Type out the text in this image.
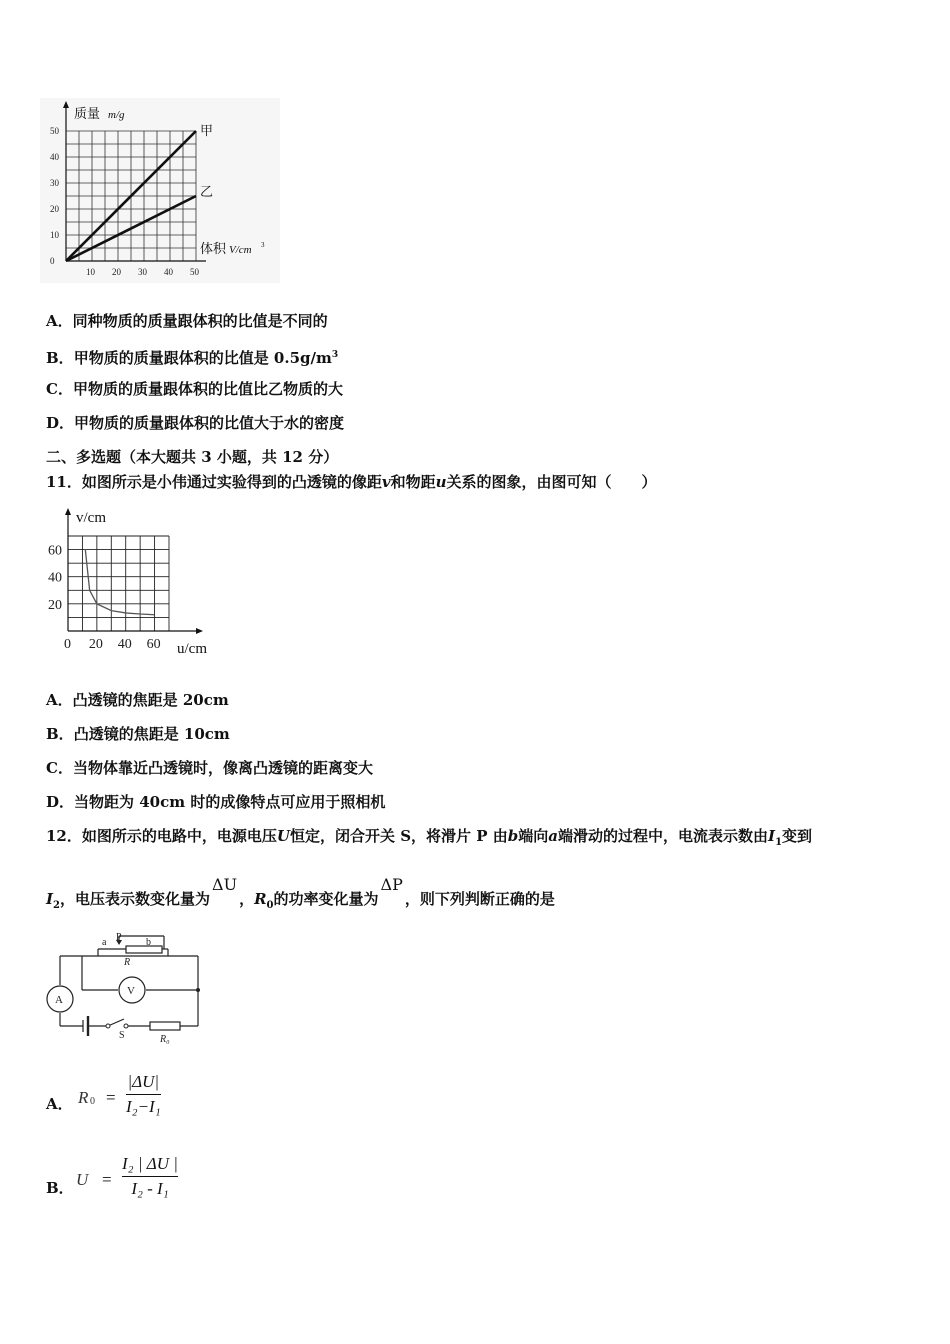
0
10
20
30
40
50
10 20 30 40 50
甲
乙
质量 m/g
体积 V/cm 3
A．同种物质的质量跟体积的比值是不同的
B．甲物质的质量跟体积的比值是 $0.5g/m^3$
C．甲物质的质量跟体积的比值比乙物质的大
D．甲物质的质量跟体积的比值大于水的密度
二、多选题（本大题共 3 小题，共 12 分）
11．如图所示是小伟通过实验得到的凸透镜的像距v和物距u关系的图象，由图可知（　　）
60
40
20
0 20 40 60
v/cm
u/cm
A．凸透镜的焦距是 20cm
B．凸透镜的焦距是 10cm
C．当物体靠近凸透镜时，像离凸透镜的距离变大
D．当物距为 40cm 时的成像特点可应用于照相机
12．如图所示的电路中，电源电压U恒定，闭合开关 S，将滑片 P 由b端向a端滑动的过程中，电流表示数由$I_1$变到
$I_2$，电压表示数变化量为ΔU，$R_0$的功率变化量为ΔP，则下列判断正确的是
a P b
R
V
A
S	R₀
A． R 0 =
|ΔU|
I₂−I₁
B． U =
I₂ | ΔU |
I₂ - I₁
